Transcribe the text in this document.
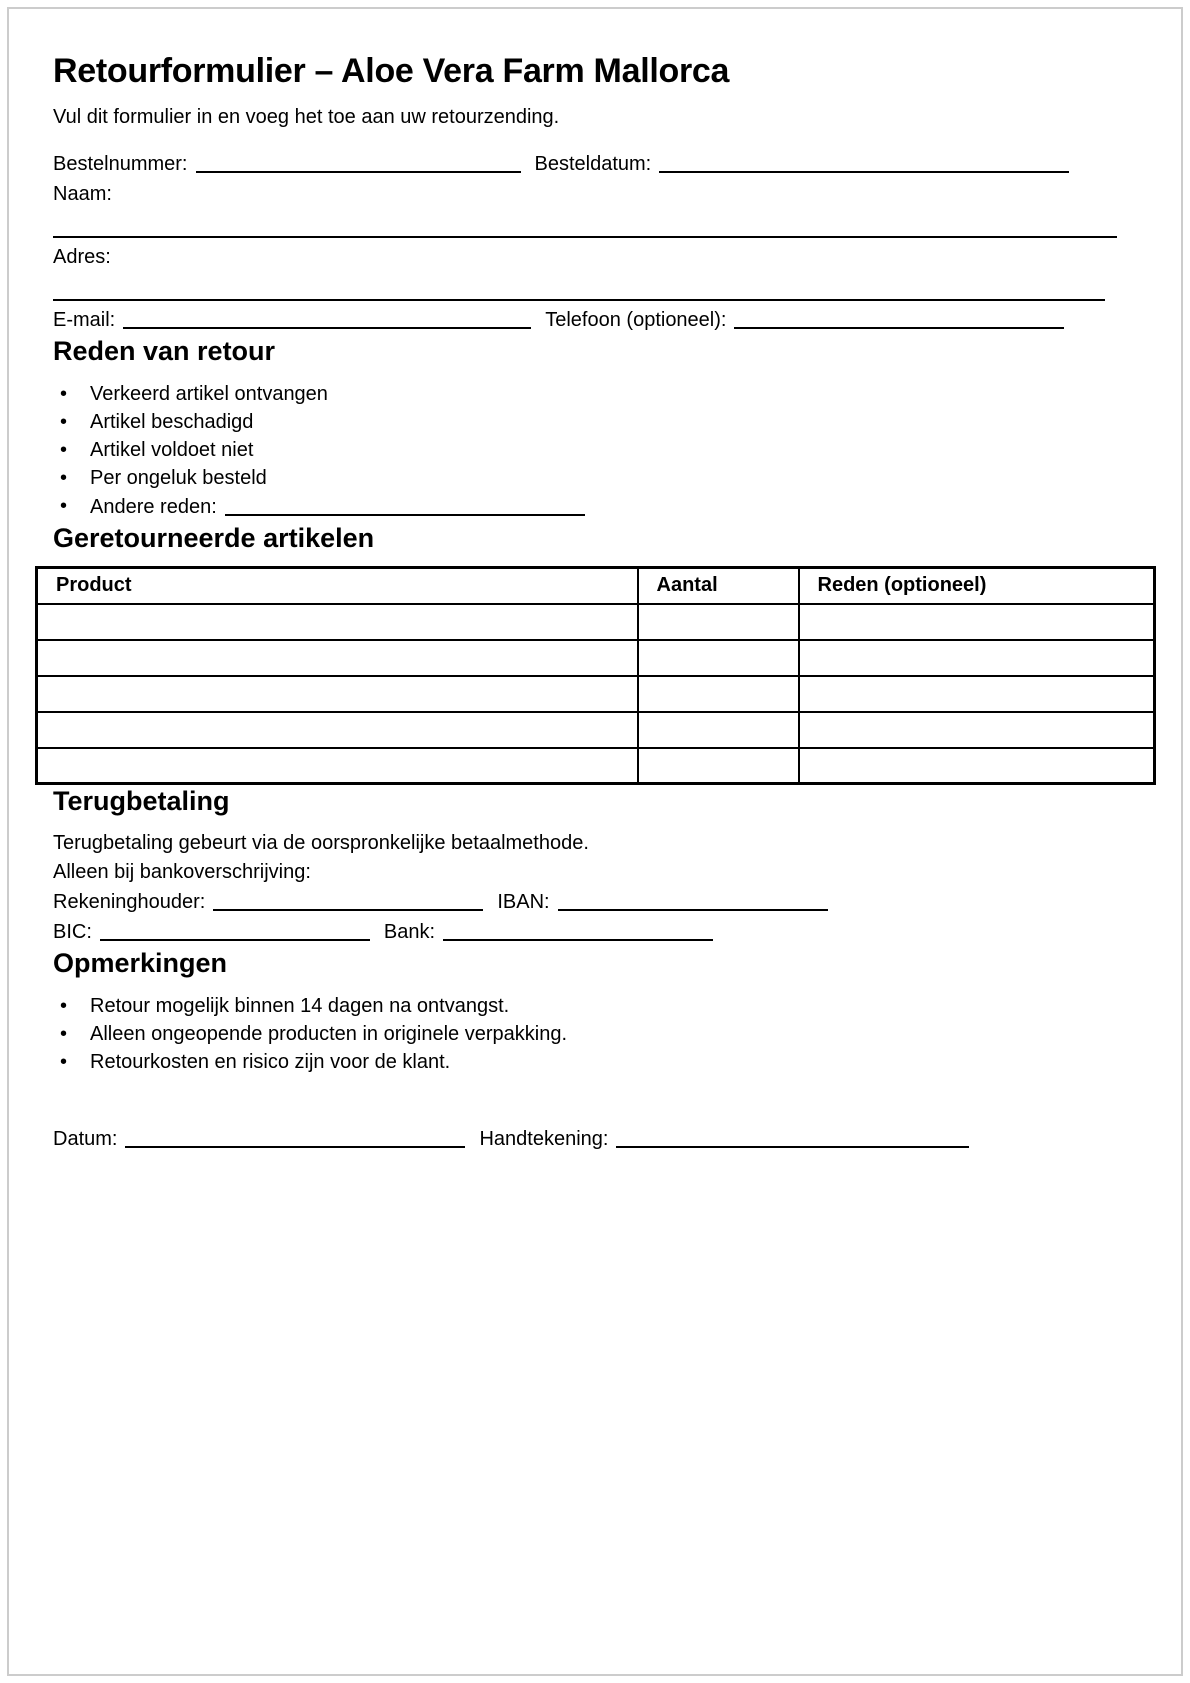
Retourformulier – Aloe Vera Farm Mallorca

Vul dit formulier in en voeg het toe aan uw retourzending.

Bestelnummer:	Besteldatum:
Naam:
Adres:
E-mail:	Telefoon (optioneel):
Reden van retour
• Verkeerd artikel ontvangen
• Artikel beschadigd
• Artikel voldoet niet
• Per ongeluk besteld
• Andere reden:
Geretourneerde artikelen
Product	Aantal	Reden (optioneel)

Terugbetaling

Terugbetaling gebeurt via de oorspronkelijke betaalmethode.

Alleen bij bankoverschrijving:

Rekeninghouder:	IBAN:
BIC:	Bank:
Opmerkingen
• Retour mogelijk binnen 14 dagen na ontvangst.
• Alleen ongeopende producten in originele verpakking.
• Retourkosten en risico zijn voor de klant.
Datum:	Handtekening:
